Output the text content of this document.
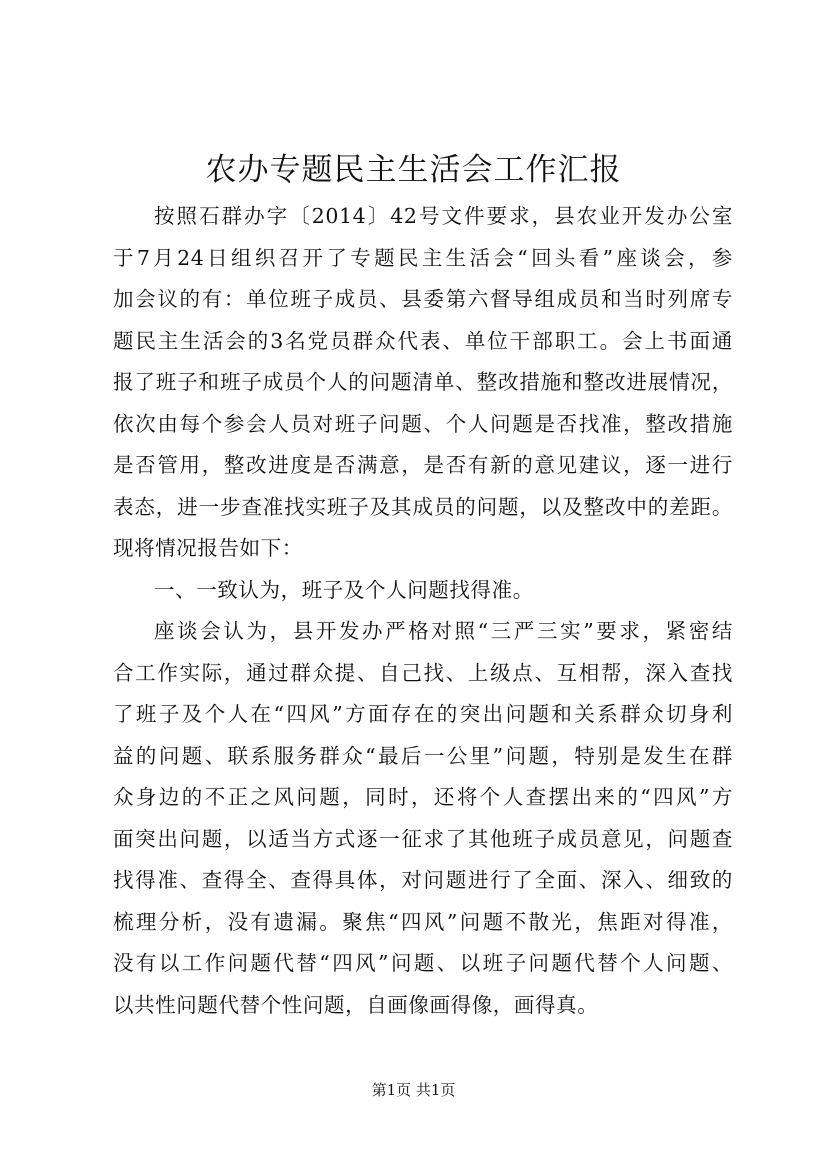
农办专题民主生活会工作汇报
按照石群办字〔2014〕42号文件要求，县农业开发办公室
于7月24日组织召开了专题民主生活会“回头看”座谈会，参
加会议的有：单位班子成员、县委第六督导组成员和当时列席专
题民主生活会的3名党员群众代表、单位干部职工。会上书面通
报了班子和班子成员个人的问题清单、整改措施和整改进展情况，
依次由每个参会人员对班子问题、个人问题是否找准，整改措施
是否管用，整改进度是否满意，是否有新的意见建议，逐一进行
表态，进一步查准找实班子及其成员的问题，以及整改中的差距。
现将情况报告如下：
一、一致认为，班子及个人问题找得准。
座谈会认为，县开发办严格对照“三严三实”要求，紧密结
合工作实际，通过群众提、自己找、上级点、互相帮，深入查找
了班子及个人在“四风”方面存在的突出问题和关系群众切身利
益的问题、联系服务群众“最后一公里”问题，特别是发生在群
众身边的不正之风问题，同时，还将个人查摆出来的“四风”方
面突出问题，以适当方式逐一征求了其他班子成员意见，问题查
找得准、查得全、查得具体，对问题进行了全面、深入、细致的
梳理分析，没有遗漏。聚焦“四风”问题不散光，焦距对得准，
没有以工作问题代替“四风”问题、以班子问题代替个人问题、
以共性问题代替个性问题，自画像画得像，画得真。
第1页 共1页
